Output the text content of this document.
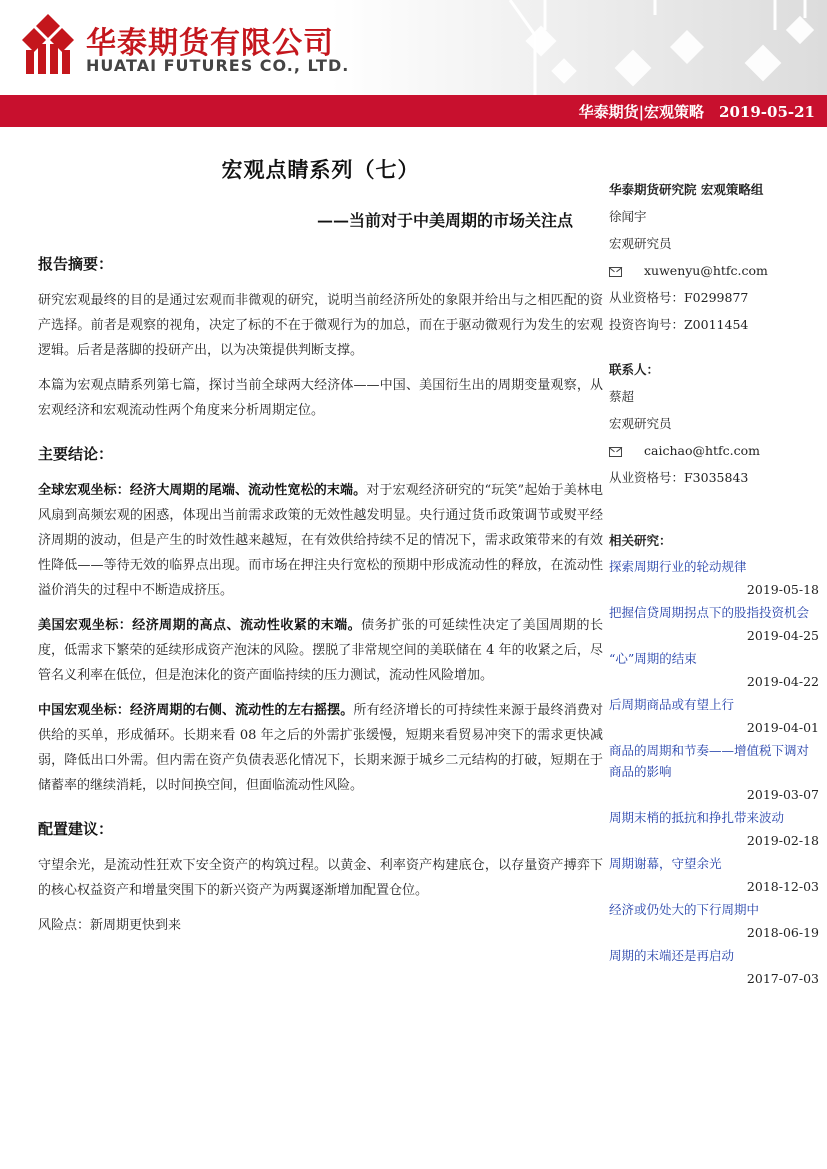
华泰期货有限公司
HUATAI FUTURES CO., LTD.
华泰期货|宏观策略　2019-05-21
宏观点睛系列（七）
——当前对于中美周期的市场关注点
报告摘要：

研究宏观最终的目的是通过宏观而非微观的研究，说明当前经济所处的象限并给出与之相匹配的资产选择。前者是观察的视角，决定了标的不在于微观行为的加总，而在于驱动微观行为发生的宏观逻辑。后者是落脚的投研产出，以为决策提供判断支撑。

本篇为宏观点睛系列第七篇，探讨当前全球两大经济体——中国、美国衍生出的周期变量观察，从宏观经济和宏观流动性两个角度来分析周期定位。

主要结论：

全球宏观坐标：经济大周期的尾端、流动性宽松的末端。对于宏观经济研究的“玩笑”起始于美林电风扇到高频宏观的困惑，体现出当前需求政策的无效性越发明显。央行通过货币政策调节或熨平经济周期的波动，但是产生的时效性越来越短，在有效供给持续不足的情况下，需求政策带来的有效性降低——等待无效的临界点出现。而市场在押注央行宽松的预期中形成流动性的释放，在流动性溢价消失的过程中不断造成挤压。

美国宏观坐标：经济周期的高点、流动性收紧的末端。债务扩张的可延续性决定了美国周期的长度，低需求下繁荣的延续形成资产泡沫的风险。摆脱了非常规空间的美联储在 4 年的收紧之后，尽管名义利率在低位，但是泡沫化的资产面临持续的压力测试，流动性风险增加。

中国宏观坐标：经济周期的右侧、流动性的左右摇摆。所有经济增长的可持续性来源于最终消费对供给的买单，形成循环。长期来看 08 年之后的外需扩张缓慢，短期来看贸易冲突下的需求更快减弱，降低出口外需。但内需在资产负债表恶化情况下，长期来源于城乡二元结构的打破，短期在于储蓄率的继续消耗，以时间换空间，但面临流动性风险。

配置建议：

守望余光，是流动性狂欢下安全资产的构筑过程。以黄金、利率资产构建底仓，以存量资产搏弈下的核心权益资产和增量突围下的新兴资产为两翼逐渐增加配置仓位。

风险点：新周期更快到来

华泰期货研究院 宏观策略组
徐闻宇
宏观研究员
xuwenyu@htfc.com
从业资格号：F0299877
投资咨询号：Z0011454
联系人：
蔡超
宏观研究员
caichao@htfc.com
从业资格号：F3035843
相关研究：
探索周期行业的轮动规律
2019-05-18
把握信贷周期拐点下的股指投资机会
2019-04-25
“心”周期的结束
2019-04-22
后周期商品或有望上行
2019-04-01
商品的周期和节奏——增值税下调对商品的影响
2019-03-07
周期末梢的抵抗和挣扎带来波动
2019-02-18
周期谢幕，守望余光
2018-12-03
经济或仍处大的下行周期中
2018-06-19
周期的末端还是再启动
2017-07-03
